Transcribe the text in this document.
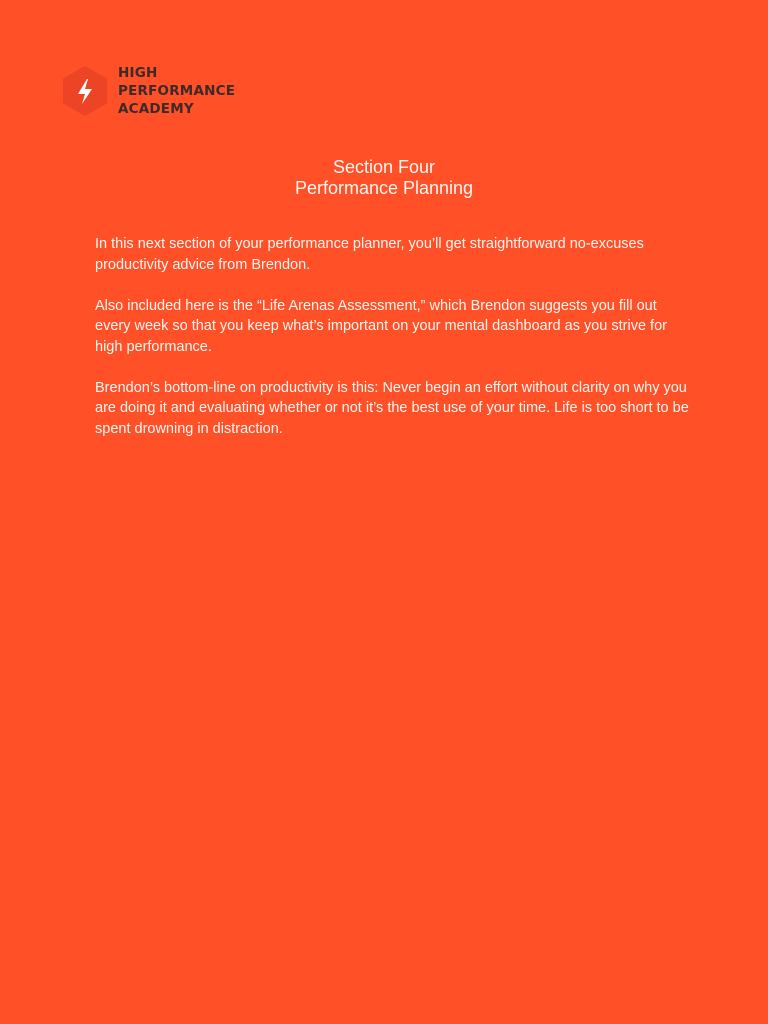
HIGH
PERFORMANCE
ACADEMY
Section Four
Performance Planning

In this next section of your performance planner, you’ll get straightforward no-excuses productivity advice from Brendon.

Also included here is the “Life Arenas Assessment,” which Brendon suggests you fill out every week so that you keep what’s important on your mental dashboard as you strive for high performance.

Brendon’s bottom-line on productivity is this: Never begin an effort without clarity on why you are doing it and evaluating whether or not it’s the best use of your time. Life is too short to be spent drowning in distraction.
